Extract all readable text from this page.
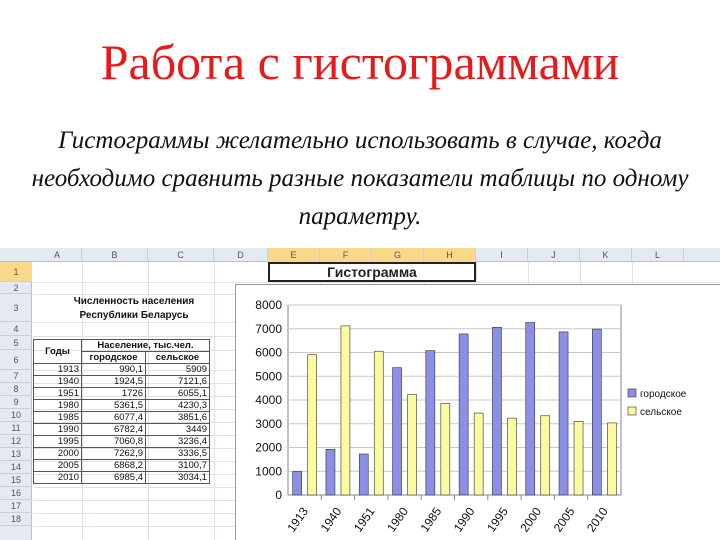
Работа с гистограммами
Гистограммы желательно использовать в случае, когда необходимо сравнить разные показатели таблицы по одному параметру.
A	B	C	D	E	F	G	H	I	J	K	L
1
2
3
4
5
6
7
8
9
10
11
12
13
14
15
16
17
18
Гистограмма
Численность населения
Республики Беларусь
Годы	Население, тыс.чел.	
	городское	сельское
1913	990,1	5909
1940	1924,5	7121,6
1951	1726	6055,1
1980	5361,5	4230,3
1985	6077,4	3851,6
1990	6782,4	3449
1995	7060,8	3236,4
2000	7262,9	3336,5
2005	6868,2	3100,7
2010	6985,4	3034,1
0
1000
2000
3000
4000
5000
6000
7000
8000
1913 1940 1951 1980 1985 1990 1995 2000 2005 2010
городское
сельское
